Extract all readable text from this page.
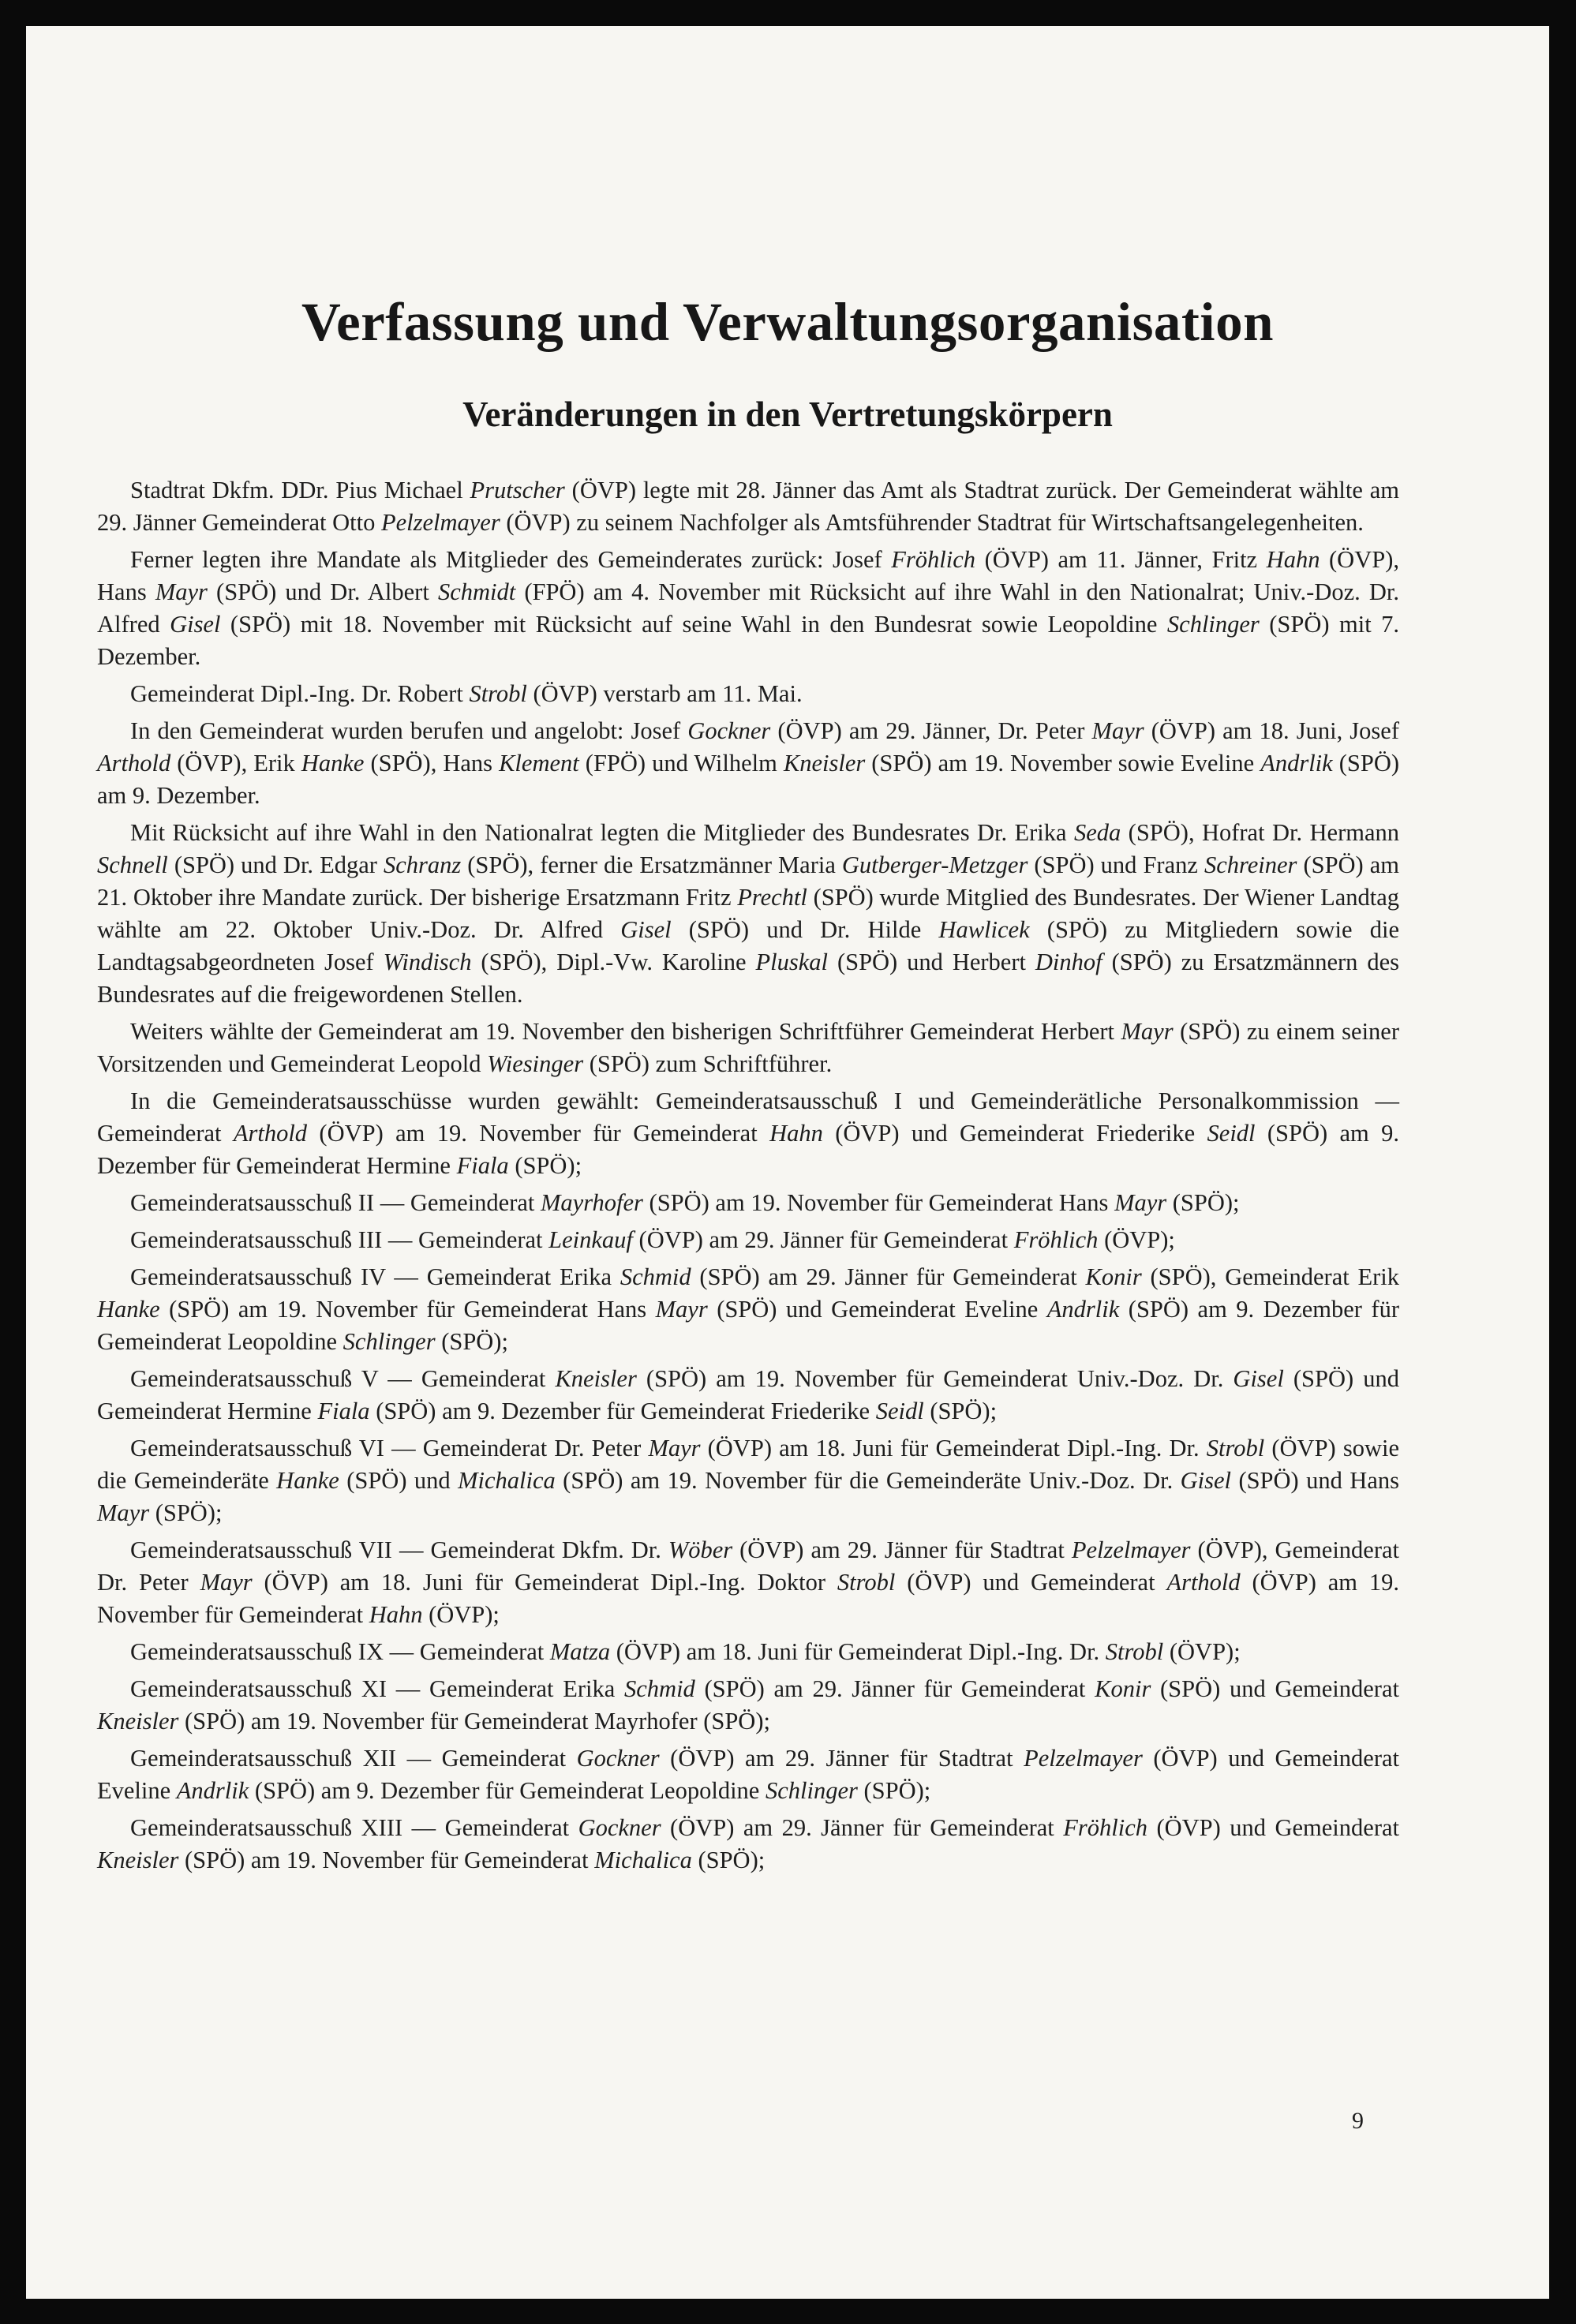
Verfassung und Verwaltungsorganisation
Veränderungen in den Vertretungskörpern

Stadtrat Dkfm. DDr. Pius Michael Prutscher (ÖVP) legte mit 28. Jänner das Amt als Stadtrat zurück. Der Gemeinderat wählte am 29. Jänner Gemeinderat Otto Pelzelmayer (ÖVP) zu seinem Nachfolger als Amtsführender Stadtrat für Wirtschaftsangelegenheiten.

Ferner legten ihre Mandate als Mitglieder des Gemeinderates zurück: Josef Fröhlich (ÖVP) am 11. Jänner, Fritz Hahn (ÖVP), Hans Mayr (SPÖ) und Dr. Albert Schmidt (FPÖ) am 4. November mit Rücksicht auf ihre Wahl in den Nationalrat; Univ.-Doz. Dr. Alfred Gisel (SPÖ) mit 18. November mit Rücksicht auf seine Wahl in den Bundesrat sowie Leopoldine Schlinger (SPÖ) mit 7. Dezember.

Gemeinderat Dipl.-Ing. Dr. Robert Strobl (ÖVP) verstarb am 11. Mai.

In den Gemeinderat wurden berufen und angelobt: Josef Gockner (ÖVP) am 29. Jänner, Dr. Peter Mayr (ÖVP) am 18. Juni, Josef Arthold (ÖVP), Erik Hanke (SPÖ), Hans Klement (FPÖ) und Wilhelm Kneisler (SPÖ) am 19. November sowie Eveline Andrlik (SPÖ) am 9. Dezember.

Mit Rücksicht auf ihre Wahl in den Nationalrat legten die Mitglieder des Bundesrates Dr. Erika Seda (SPÖ), Hofrat Dr. Hermann Schnell (SPÖ) und Dr. Edgar Schranz (SPÖ), ferner die Ersatzmänner Maria Gutberger-Metzger (SPÖ) und Franz Schreiner (SPÖ) am 21. Oktober ihre Mandate zurück. Der bisherige Ersatzmann Fritz Prechtl (SPÖ) wurde Mitglied des Bundesrates. Der Wiener Landtag wählte am 22. Oktober Univ.-Doz. Dr. Alfred Gisel (SPÖ) und Dr. Hilde Hawlicek (SPÖ) zu Mitgliedern sowie die Landtagsabgeordneten Josef Windisch (SPÖ), Dipl.-Vw. Karoline Pluskal (SPÖ) und Herbert Dinhof (SPÖ) zu Ersatzmännern des Bundesrates auf die freigewordenen Stellen.

Weiters wählte der Gemeinderat am 19. November den bisherigen Schriftführer Gemeinderat Herbert Mayr (SPÖ) zu einem seiner Vorsitzenden und Gemeinderat Leopold Wiesinger (SPÖ) zum Schriftführer.

In die Gemeinderatsausschüsse wurden gewählt: Gemeinderatsausschuß I und Gemeinderätliche Personalkommission — Gemeinderat Arthold (ÖVP) am 19. November für Gemeinderat Hahn (ÖVP) und Gemeinderat Friederike Seidl (SPÖ) am 9. Dezember für Gemeinderat Hermine Fiala (SPÖ);

Gemeinderatsausschuß II — Gemeinderat Mayrhofer (SPÖ) am 19. November für Gemeinderat Hans Mayr (SPÖ);

Gemeinderatsausschuß III — Gemeinderat Leinkauf (ÖVP) am 29. Jänner für Gemeinderat Fröhlich (ÖVP);

Gemeinderatsausschuß IV — Gemeinderat Erika Schmid (SPÖ) am 29. Jänner für Gemeinderat Konir (SPÖ), Gemeinderat Erik Hanke (SPÖ) am 19. November für Gemeinderat Hans Mayr (SPÖ) und Gemeinderat Eveline Andrlik (SPÖ) am 9. Dezember für Gemeinderat Leopoldine Schlinger (SPÖ);

Gemeinderatsausschuß V — Gemeinderat Kneisler (SPÖ) am 19. November für Gemeinderat Univ.-Doz. Dr. Gisel (SPÖ) und Gemeinderat Hermine Fiala (SPÖ) am 9. Dezember für Gemeinderat Friederike Seidl (SPÖ);

Gemeinderatsausschuß VI — Gemeinderat Dr. Peter Mayr (ÖVP) am 18. Juni für Gemeinderat Dipl.-Ing. Dr. Strobl (ÖVP) sowie die Gemeinderäte Hanke (SPÖ) und Michalica (SPÖ) am 19. November für die Gemeinderäte Univ.-Doz. Dr. Gisel (SPÖ) und Hans Mayr (SPÖ);

Gemeinderatsausschuß VII — Gemeinderat Dkfm. Dr. Wöber (ÖVP) am 29. Jänner für Stadtrat Pelzelmayer (ÖVP), Gemeinderat Dr. Peter Mayr (ÖVP) am 18. Juni für Gemeinderat Dipl.-Ing. Doktor Strobl (ÖVP) und Gemeinderat Arthold (ÖVP) am 19. November für Gemeinderat Hahn (ÖVP);

Gemeinderatsausschuß IX — Gemeinderat Matza (ÖVP) am 18. Juni für Gemeinderat Dipl.-Ing. Dr. Strobl (ÖVP);

Gemeinderatsausschuß XI — Gemeinderat Erika Schmid (SPÖ) am 29. Jänner für Gemeinderat Konir (SPÖ) und Gemeinderat Kneisler (SPÖ) am 19. November für Gemeinderat Mayrhofer (SPÖ);

Gemeinderatsausschuß XII — Gemeinderat Gockner (ÖVP) am 29. Jänner für Stadtrat Pelzelmayer (ÖVP) und Gemeinderat Eveline Andrlik (SPÖ) am 9. Dezember für Gemeinderat Leopoldine Schlinger (SPÖ);

Gemeinderatsausschuß XIII — Gemeinderat Gockner (ÖVP) am 29. Jänner für Gemeinderat Fröhlich (ÖVP) und Gemeinderat Kneisler (SPÖ) am 19. November für Gemeinderat Michalica (SPÖ);

9
